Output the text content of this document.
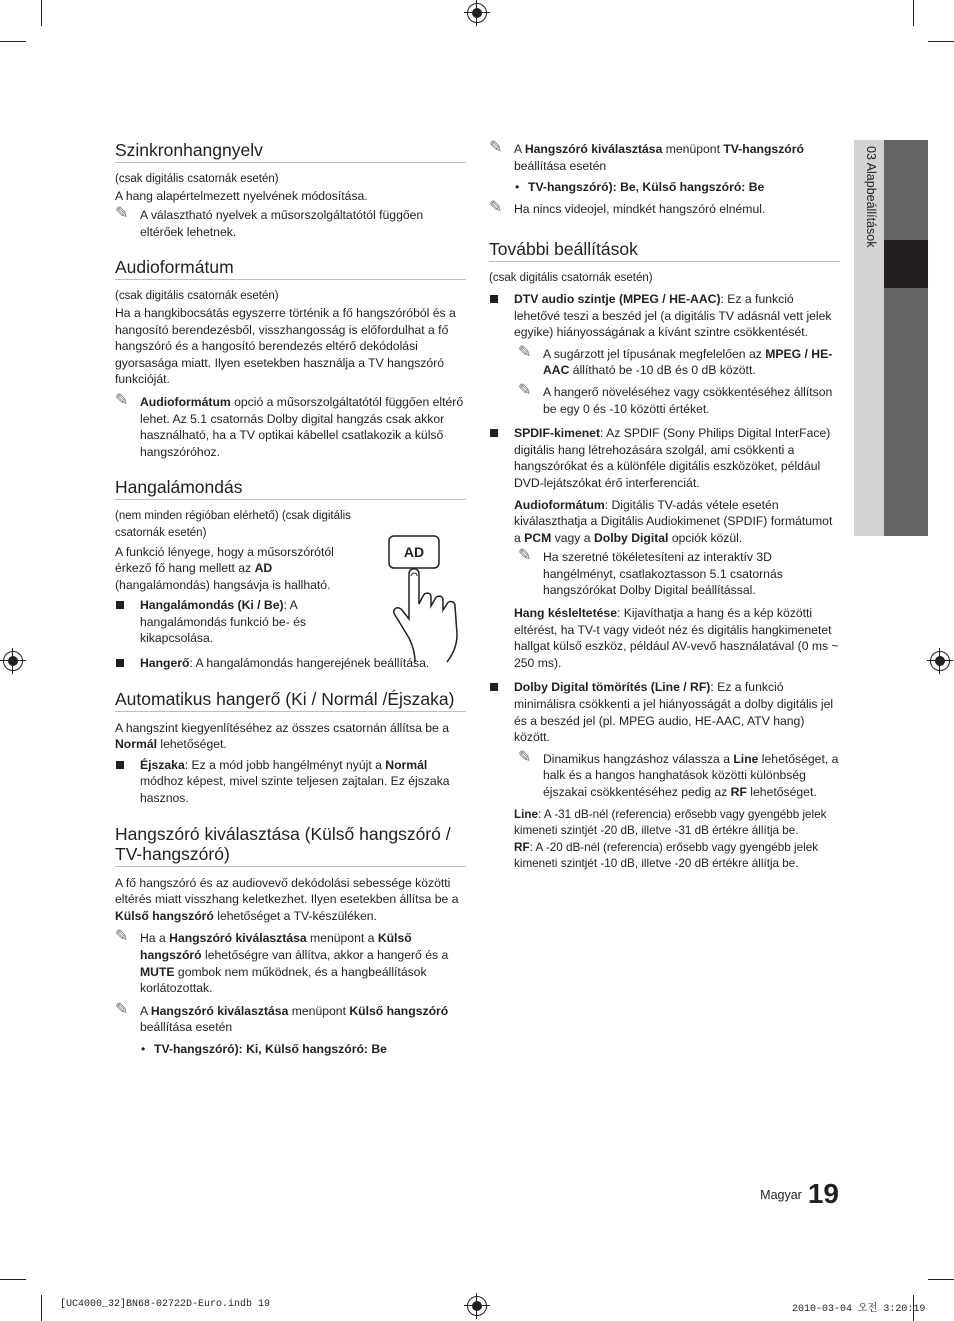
03 Alapbeállítások
Szinkronhangnyelv

(csak digitális csatornák esetén)

A hang alapértelmezett nyelvének módosítása.

✎ A választható nyelvek a műsorszolgáltatótól függően eltérőek lehetnek.
Audioformátum

(csak digitális csatornák esetén)

Ha a hangkibocsátás egyszerre történik a fő hangszóróból és a hangosító berendezésből, visszhangosság is előfordulhat a fő hangszóró és a hangosító berendezés eltérő dekódolási gyorsasága miatt. Ilyen esetekben használja a TV hangszóró funkcióját.

✎ Audioformátum opció a műsorszolgáltatótól függően eltérő lehet. Az 5.1 csatornás Dolby digital hangzás csak akkor használható, ha a TV optikai kábellel csatlakozik a külső hangszóróhoz.
Hangalámondás

(nem minden régióban elérhető) (csak digitális csatornák esetén)

A funkció lényege, hogy a műsorszórótól érkező fő hang mellett az AD (hangalámondás) hangsávja is hallható.

Hangalámondás (Ki / Be): A hangalámondás funkció be- és kikapcsolása.
Hangerő: A hangalámondás hangerejének beállítása.
Automatikus hangerő (Ki / Normál /Éjszaka)

A hangszint kiegyenlítéséhez az összes csatornán állítsa be a Normál lehetőséget.

Éjszaka: Ez a mód jobb hangélményt nyújt a Normál módhoz képest, mivel szinte teljesen zajtalan. Ez éjszaka hasznos.
Hangszóró kiválasztása (Külső hangszóró / TV-hangszóró)

A fő hangszóró és az audiovevő dekódolási sebessége közötti eltérés miatt visszhang keletkezhet. Ilyen esetekben állítsa be a Külső hangszóró lehetőséget a TV-készüléken.

✎ Ha a Hangszóró kiválasztása menüpont a Külső hangszóró lehetőségre van állítva, akkor a hangerő és a MUTE gombok nem működnek, és a hangbeállítások korlátozottak.
✎ A Hangszóró kiválasztása menüpont Külső hangszóró beállítása esetén
• TV-hangszóró): Ki, Külső hangszóró: Be
AD
✎ A Hangszóró kiválasztása menüpont TV-hangszóró beállítása esetén
• TV-hangszóró): Be, Külső hangszóró: Be
✎ Ha nincs videojel, mindkét hangszóró elnémul.
További beállítások

(csak digitális csatornák esetén)

DTV audio szintje (MPEG / HE-AAC): Ez a funkció lehetővé teszi a beszéd jel (a digitális TV adásnál vett jelek egyike) hiányosságának a kívánt szintre csökkentését.
✎ A sugárzott jel típusának megfelelően az MPEG / HE-AAC állítható be -10 dB és 0 dB között.
✎ A hangerő növeléséhez vagy csökkentéséhez állítson be egy 0 és -10 közötti értéket.
SPDIF-kimenet: Az SPDIF (Sony Philips Digital InterFace) digitális hang létrehozására szolgál, ami csökkenti a hangszórókat és a különféle digitális eszközöket, például DVD-lejátszókat érő interferenciát.

Audioformátum: Digitális TV-adás vétele esetén kiválaszthatja a Digitális Audiokimenet (SPDIF) formátumot a PCM vagy a Dolby Digital opciók közül.

✎ Ha szeretné tökéletesíteni az interaktív 3D hangélményt, csatlakoztasson 5.1 csatornás hangszórókat Dolby Digital beállítással.

Hang késleltetése: Kijavíthatja a hang és a kép közötti eltérést, ha TV-t vagy videót néz és digitális hangkimenetet hallgat külső eszköz, például AV-vevő használatával (0 ms ~ 250 ms).

Dolby Digital tömörítés (Line / RF): Ez a funkció minimálisra csökkenti a jel hiányosságát a dolby digitális jel és a beszéd jel (pl. MPEG audio, HE-AAC, ATV hang) között.
✎ Dinamikus hangzáshoz válassza a Line lehetőséget, a halk és a hangos hanghatások közötti különbség éjszakai csökkentéséhez pedig az RF lehetőséget.

Line: A -31 dB-nél (referencia) erősebb vagy gyengébb jelek kimeneti szintjét -20 dB, illetve -31 dB értékre állítja be.

RF: A -20 dB-nél (referencia) erősebb vagy gyengébb jelek kimeneti szintjét -10 dB, illetve -20 dB értékre állítja be.

Magyar 19
[UC4000_32]BN68-02722D-Euro.indb 19	2010-03-04 오전 3:20:19
